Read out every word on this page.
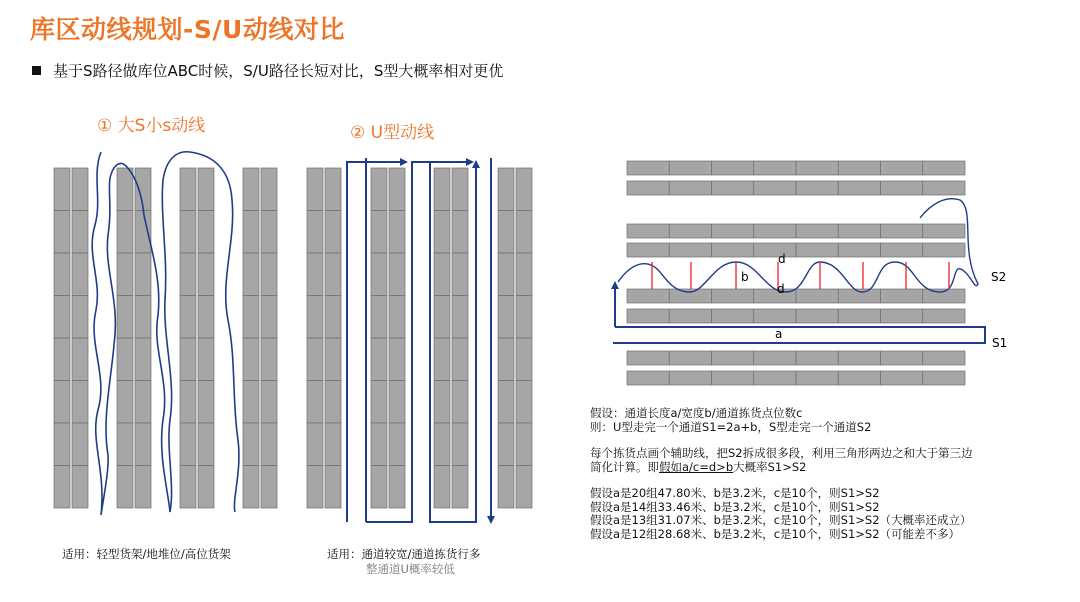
库区动线规划-S/U动线对比
基于S路径做库位ABC时候，S/U路径长短对比，S型大概率相对更优
① 大S小s动线	② U型动线
d
b
d
a
S2
S1
适用：轻型货架/地堆位/高位货架	适用：通道较宽/通道拣货行多
整通道U概率较低
假设：通道长度a/宽度b/通道拣货点位数c
则：U型走完一个通道S1=2a+b，S型走完一个通道S2
每个拣货点画个辅助线，把S2拆成很多段，利用三角形两边之和大于第三边
简化计算。即假如a/c=d>b大概率S1>S2
假设a是20组47.80米、b是3.2米，c是10个，则S1>S2
假设a是14组33.46米、b是3.2米，c是10个，则S1>S2
假设a是13组31.07米、b是3.2米，c是10个，则S1>S2（大概率还成立）
假设a是12组28.68米、b是3.2米，c是10个，则S1>S2（可能差不多）
